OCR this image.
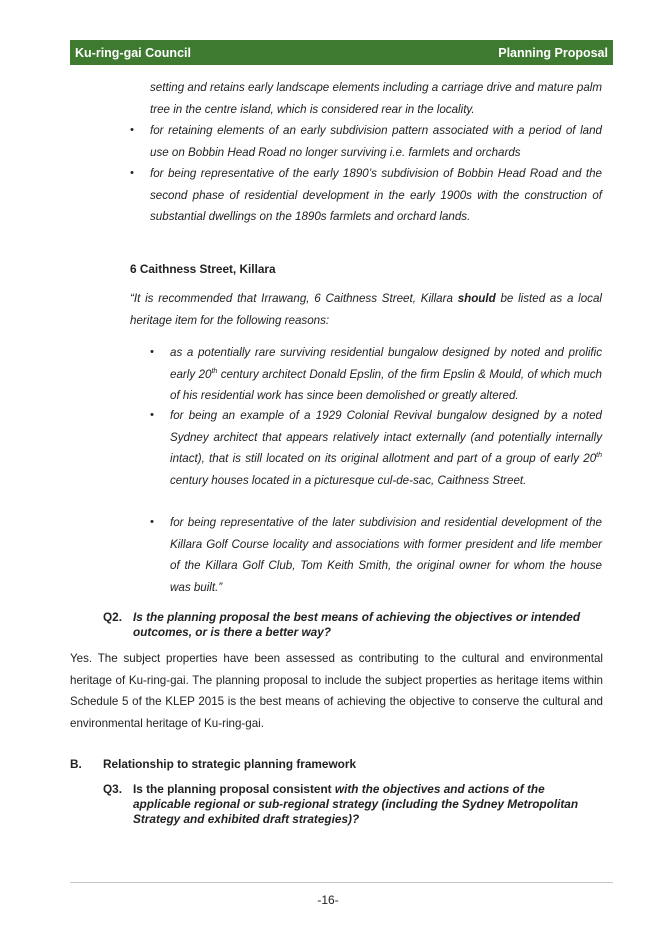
Ku-ring-gai Council	Planning Proposal
setting and retains early landscape elements including a carriage drive and mature palm tree in the centre island, which is considered rear in the locality.
•	for retaining elements of an early subdivision pattern associated with a period of land use on Bobbin Head Road no longer surviving i.e. farmlets and orchards
•	for being representative of the early 1890’s subdivision of Bobbin Head Road and the second phase of residential development in the early 1900s with the construction of substantial dwellings on the 1890s farmlets and orchard lands.
6 Caithness Street, Killara
“It is recommended that Irrawang, 6 Caithness Street, Killara should be listed as a local heritage item for the following reasons:
•	as a potentially rare surviving residential bungalow designed by noted and prolific early 20th century architect Donald Epslin, of the firm Epslin & Mould, of which much of his residential work has since been demolished or greatly altered.
•	for being an example of a 1929 Colonial Revival bungalow designed by a noted Sydney architect that appears relatively intact externally (and potentially internally intact), that is still located on its original allotment and part of a group of early 20th century houses located in a picturesque cul-de-sac, Caithness Street.
•	for being representative of the later subdivision and residential development of the Killara Golf Course locality and associations with former president and life member of the Killara Golf Club, Tom Keith Smith, the original owner for whom the house was built.”
Q2. Is the planning proposal the best means of achieving the objectives or intended outcomes, or is there a better way?
Yes. The subject properties have been assessed as contributing to the cultural and environmental heritage of Ku-ring-gai. The planning proposal to include the subject properties as heritage items within Schedule 5 of the KLEP 2015 is the best means of achieving the objective to conserve the cultural and environmental heritage of Ku-ring-gai.
B.	Relationship to strategic planning framework
Q3. Is the planning proposal consistent with the objectives and actions of the applicable regional or sub-regional strategy (including the Sydney Metropolitan Strategy and exhibited draft strategies)?
-16-
